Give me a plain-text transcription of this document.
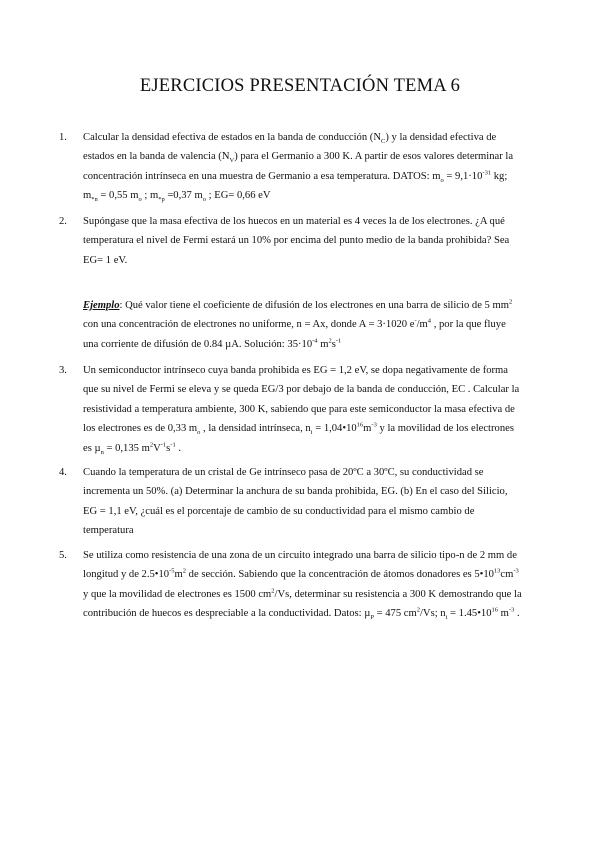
EJERCICIOS PRESENTACIÓN TEMA 6
1. Calcular la densidad efectiva de estados en la banda de conducción $(N_C)$ y la densidad efectiva de estados en la banda de valencia $(N_V)$ para el Germanio a 300 K. A partir de esos valores determinar la concentración intrínseca en una muestra de Germanio a esa temperatura. DATOS: $m_o = 9,1\cdot 10^{-31}$ kg; $m_{*n} = 0,55$ $m_o$ ; $m_{*p} =0,37$ $m_o$ ; EG= 0,66 eV

2. Supóngase que la masa efectiva de los huecos en un material es 4 veces la de los electrones. ¿A qué temperatura el nivel de Fermi estará un 10% por encima del punto medio de la banda prohibida? Sea EG= 1 eV.

Ejemplo: Qué valor tiene el coeficiente de difusión de los electrones en una barra de silicio de 5 $mm^2$ con una concentración de electrones no uniforme, n = Ax, donde A = 3·1020 $e^-/m^4$ , por la que fluye una corriente de difusión de 0.84 µA. Solución: $35\cdot 10^{-4}$ $m^2s^{-1}$

3. Un semiconductor intrínseco cuya banda prohibida es EG = 1,2 eV, se dopa negativamente de forma que su nivel de Fermi se eleva y se queda EG/3 por debajo de la banda de conducción, EC . Calcular la resistividad a temperatura ambiente, 300 K, sabiendo que para este semiconductor la masa efectiva de los electrones es de 0,33 $m_o$ , la densidad intrínseca, $n_i$ = $1,04•10^{16}m^{-3}$ y la movilidad de los electrones es µ$_n$ = 0,135 $m^2V^{-1}s^{-1}$ .

4. Cuando la temperatura de un cristal de Ge intrínseco pasa de 20ºC a 30ºC, su conductividad se incrementa un 50%. (a) Determinar la anchura de su banda prohibida, EG. (b) En el caso del Silicio, EG = 1,1 eV, ¿cuál es el porcentaje de cambio de su conductividad para el mismo cambio de temperatura

5. Se utiliza como resistencia de una zona de un circuito integrado una barra de silicio tipo-n de 2 mm de longitud y de $2.5•10^{-5}m^2$ de sección. Sabiendo que la concentración de átomos donadores es $5•10^{13}cm^{-3}$ y que la movilidad de electrones es 1500 $cm^2/Vs$, determinar su resistencia a 300 K demostrando que la contribución de huecos es despreciable a la conductividad. Datos: µ$_P$ = 475 $cm^2/Vs$; $n_i$ = $1.45•10^{16}$ $m^{-3}$ .
